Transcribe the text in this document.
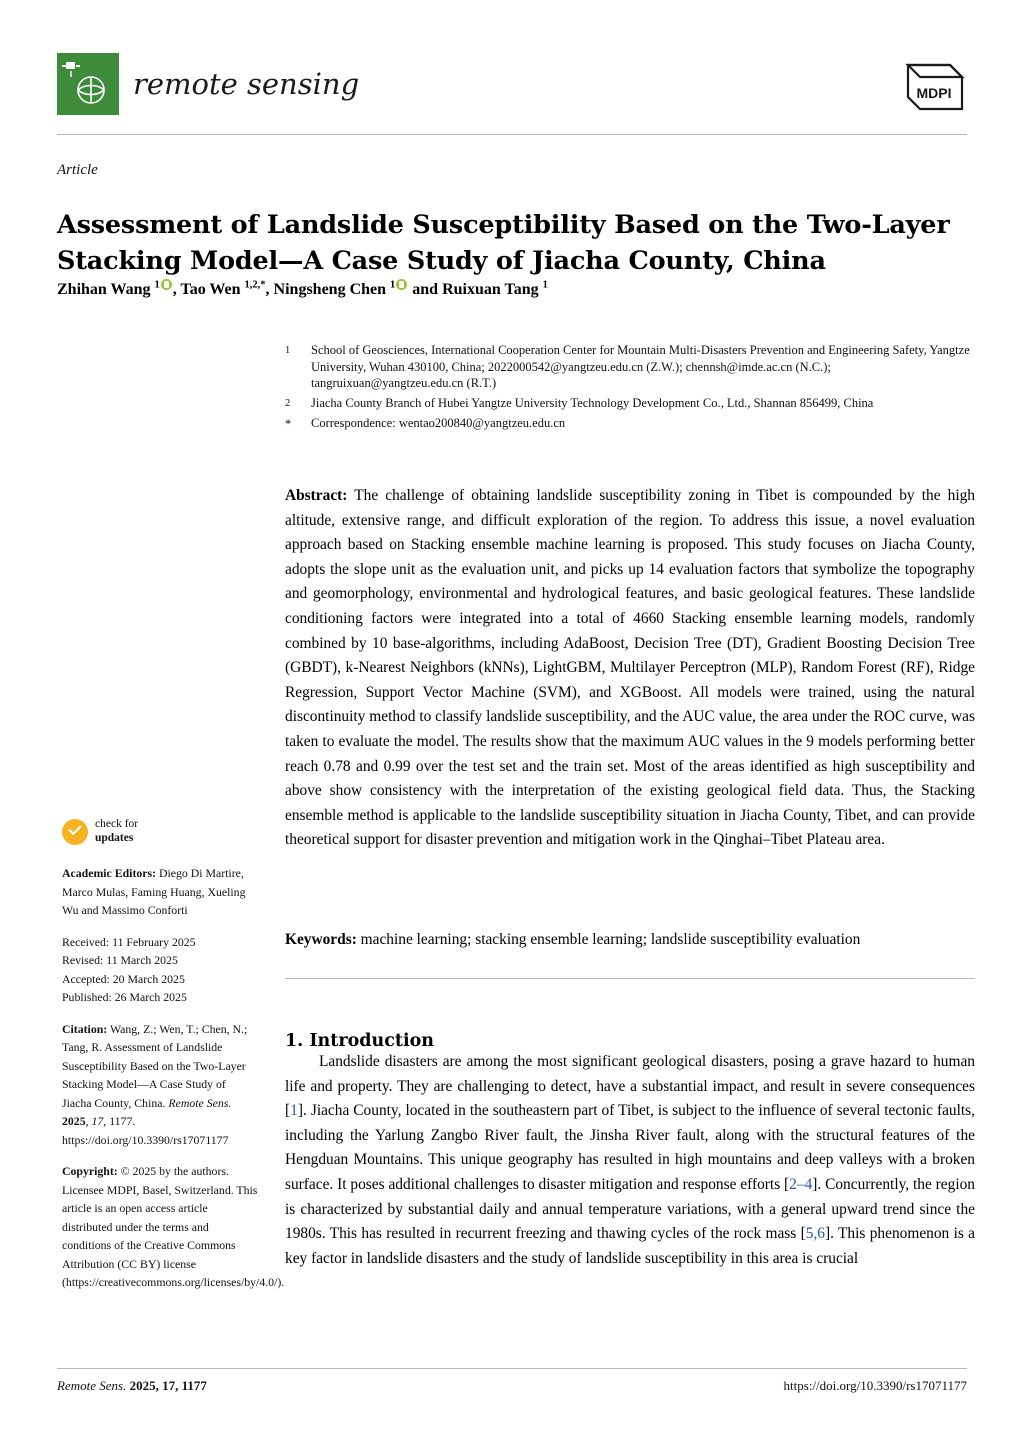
remote sensing	MDPI
Article
Assessment of Landslide Susceptibility Based on the Two-Layer Stacking Model—A Case Study of Jiacha County, China
Zhihan Wang $^1$ , Tao Wen $^{1,2,*}$, Ningsheng Chen $^1$ and Ruixuan Tang $^1$
1	School of Geosciences, International Cooperation Center for Mountain Multi-Disasters Prevention and Engineering Safety, Yangtze University, Wuhan 430100, China; 2022000542@yangtzeu.edu.cn (Z.W.); chennsh@imde.ac.cn (N.C.); tangruixuan@yangtzeu.edu.cn (R.T.)
2	Jiacha County Branch of Hubei Yangtze University Technology Development Co., Ltd., Shannan 856499, China
*	Correspondence: wentao200840@yangtzeu.edu.cn
Abstract: The challenge of obtaining landslide susceptibility zoning in Tibet is compounded by the high altitude, extensive range, and difficult exploration of the region. To address this issue, a novel evaluation approach based on Stacking ensemble machine learning is proposed. This study focuses on Jiacha County, adopts the slope unit as the evaluation unit, and picks up 14 evaluation factors that symbolize the topography and geomorphology, environmental and hydrological features, and basic geological features. These landslide conditioning factors were integrated into a total of 4660 Stacking ensemble learning models, randomly combined by 10 base-algorithms, including AdaBoost, Decision Tree (DT), Gradient Boosting Decision Tree (GBDT), k-Nearest Neighbors (kNNs), LightGBM, Multilayer Perceptron (MLP), Random Forest (RF), Ridge Regression, Support Vector Machine (SVM), and XGBoost. All models were trained, using the natural discontinuity method to classify landslide susceptibility, and the AUC value, the area under the ROC curve, was taken to evaluate the model. The results show that the maximum AUC values in the 9 models performing better reach 0.78 and 0.99 over the test set and the train set. Most of the areas identified as high susceptibility and above show consistency with the interpretation of the existing geological field data. Thus, the Stacking ensemble method is applicable to the landslide susceptibility situation in Jiacha County, Tibet, and can provide theoretical support for disaster prevention and mitigation work in the Qinghai–Tibet Plateau area.
Keywords: machine learning; stacking ensemble learning; landslide susceptibility evaluation
1. Introduction
Landslide disasters are among the most significant geological disasters, posing a grave hazard to human life and property. They are challenging to detect, have a substantial impact, and result in severe consequences [1]. Jiacha County, located in the southeastern part of Tibet, is subject to the influence of several tectonic faults, including the Yarlung Zangbo River fault, the Jinsha River fault, along with the structural features of the Hengduan Mountains. This unique geography has resulted in high mountains and deep valleys with a broken surface. It poses additional challenges to disaster mitigation and response efforts [2–4]. Concurrently, the region is characterized by substantial daily and annual temperature variations, with a general upward trend since the 1980s. This has resulted in recurrent freezing and thawing cycles of the rock mass [5,6]. This phenomenon is a key factor in landslide disasters and the study of landslide susceptibility in this area is crucial
check for
updates
Academic Editors: Diego Di Martire, Marco Mulas, Faming Huang, Xueling Wu and Massimo Conforti
Received: 11 February 2025
Revised: 11 March 2025
Accepted: 20 March 2025
Published: 26 March 2025
Citation: Wang, Z.; Wen, T.; Chen, N.; Tang, R. Assessment of Landslide Susceptibility Based on the Two-Layer Stacking Model—A Case Study of Jiacha County, China. Remote Sens. 2025, 17, 1177. https://doi.org/10.3390/rs17071177
Copyright: © 2025 by the authors. Licensee MDPI, Basel, Switzerland. This article is an open access article distributed under the terms and conditions of the Creative Commons Attribution (CC BY) license (https://creativecommons.org/licenses/by/4.0/).
Remote Sens. 2025, 17, 1177	https://doi.org/10.3390/rs17071177
